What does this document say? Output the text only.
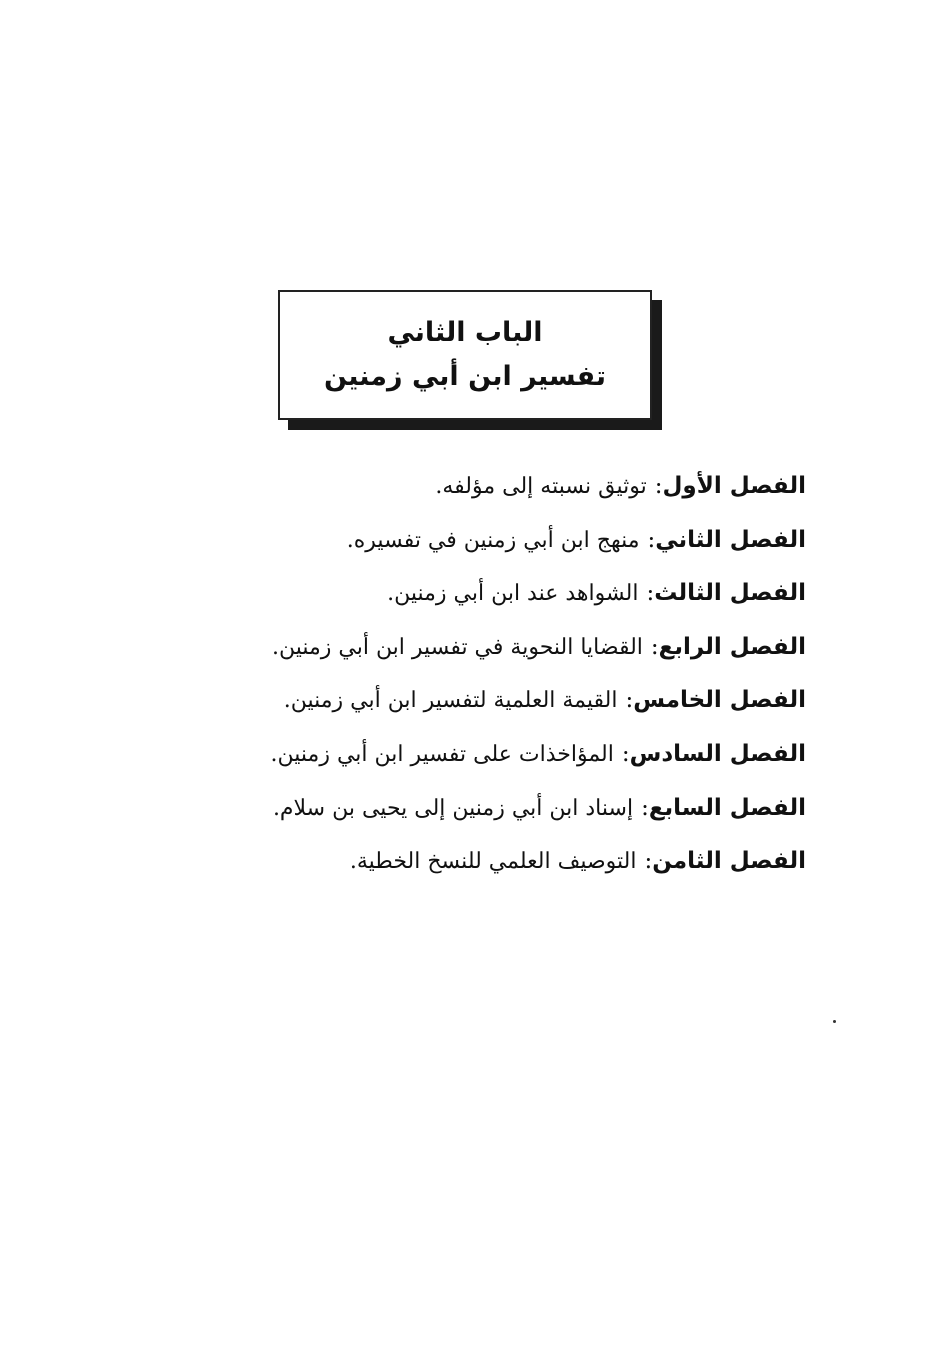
الباب الثاني
تفسير ابن أبي زمنين
الفصل الأول:توثيق نسبته إلى مؤلفه.
الفصل الثاني:منهج ابن أبي زمنين في تفسيره.
الفصل الثالث:الشواهد عند ابن أبي زمنين.
الفصل الرابع:القضايا النحوية في تفسير ابن أبي زمنين.
الفصل الخامس:القيمة العلمية لتفسير ابن أبي زمنين.
الفصل السادس:المؤاخذات على تفسير ابن أبي زمنين.
الفصل السابع:إسناد ابن أبي زمنين إلى يحيى بن سلام.
الفصل الثامن:التوصيف العلمي للنسخ الخطية.
